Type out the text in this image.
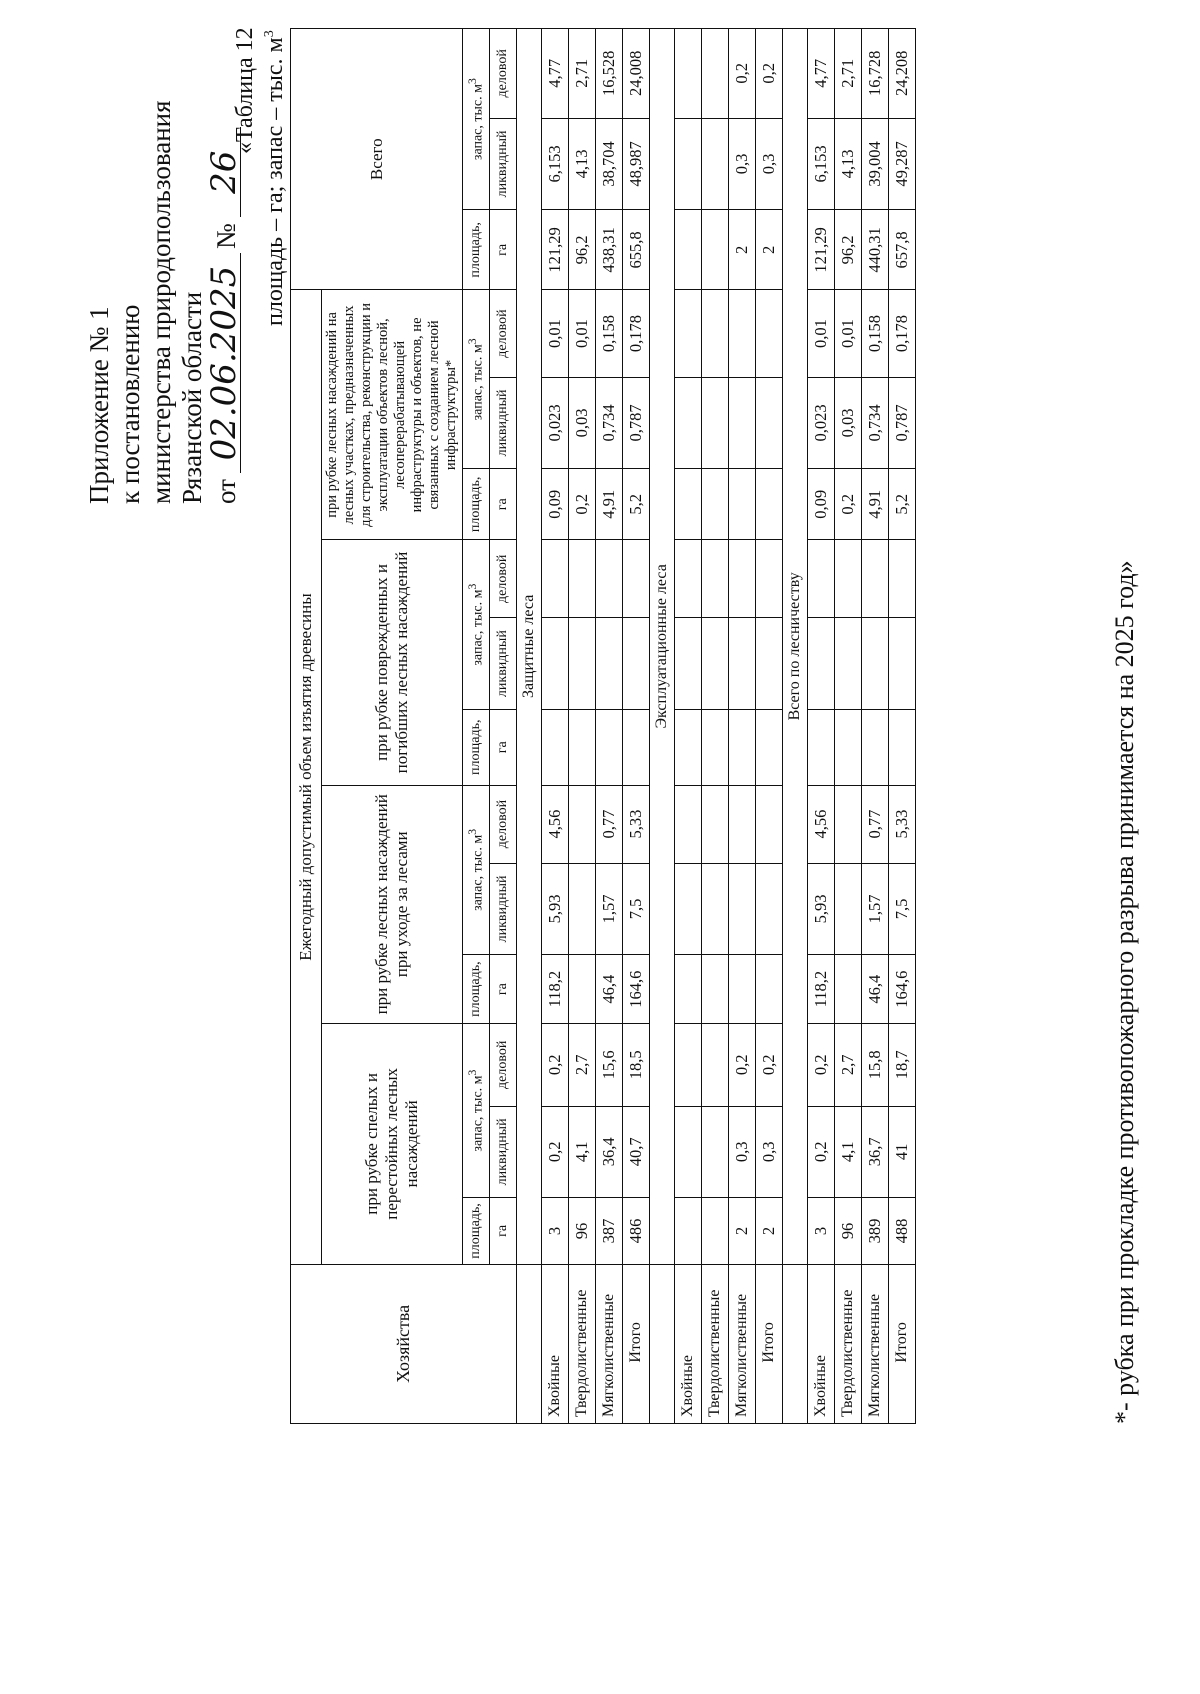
Приложение № 1 к постановлению министерства природопользования Рязанской области от02.06.2025№26
«Таблица 12 площадь – га; запас – тыс. $м^3$
Хозяйства	Ежегодный допустимый объем изъятия древесины												Всего		
	при рубке спелых и перестойных лесных насаждений			при рубке лесных насаждений при уходе за лесами			при рубке поврежденных и погибших лесных насаждений			при рубке лесных насаждений на лесных участках, предназначенных для строительства, реконструкции и эксплуатации объектов лесной, лесоперерабатывающей инфраструктуры и объектов, не связанных с созданием лесной инфраструктуры*					
	площадь,	запас, тыс. $м^3$		площадь,	запас, тыс. $м^3$		площадь,	запас, тыс. $м^3$		площадь,	запас, тыс. $м^3$		площадь,	запас, тыс. $м^3$
	га	ликвидный	деловой	га	ликвидный	деловой	га	ликвидный	деловой	га	ликвидный	деловой	га	ликвидный	деловой
	Защитные леса														
Хвойные	3	0,2	0,2	118,2	5,93	4,56				0,09	0,023	0,01	121,29	6,153	4,77
Твердолиственные	96	4,1	2,7							0,2	0,03	0,01	96,2	4,13	2,71
Мягколиственные	387	36,4	15,6	46,4	1,57	0,77				4,91	0,734	0,158	438,31	38,704	16,528
Итого	486	40,7	18,5	164,6	7,5	5,33				5,2	0,787	0,178	655,8	48,987	24,008
	Эксплуатационные леса														
Хвойные															
Твердолиственные															
Мягколиственные	2	0,3	0,2										2	0,3	0,2
Итого	2	0,3	0,2										2	0,3	0,2
	Всего по лесничеству														
Хвойные	3	0,2	0,2	118,2	5,93	4,56				0,09	0,023	0,01	121,29	6,153	4,77
Твердолиственные	96	4,1	2,7							0,2	0,03	0,01	96,2	4,13	2,71
Мягколиственные	389	36,7	15,8	46,4	1,57	0,77				4,91	0,734	0,158	440,31	39,004	16,728
Итого	488	41	18,7	164,6	7,5	5,33				5,2	0,787	0,178	657,8	49,287	24,208
*- рубка при прокладке противопожарного разрыва принимается на 2025 год»
